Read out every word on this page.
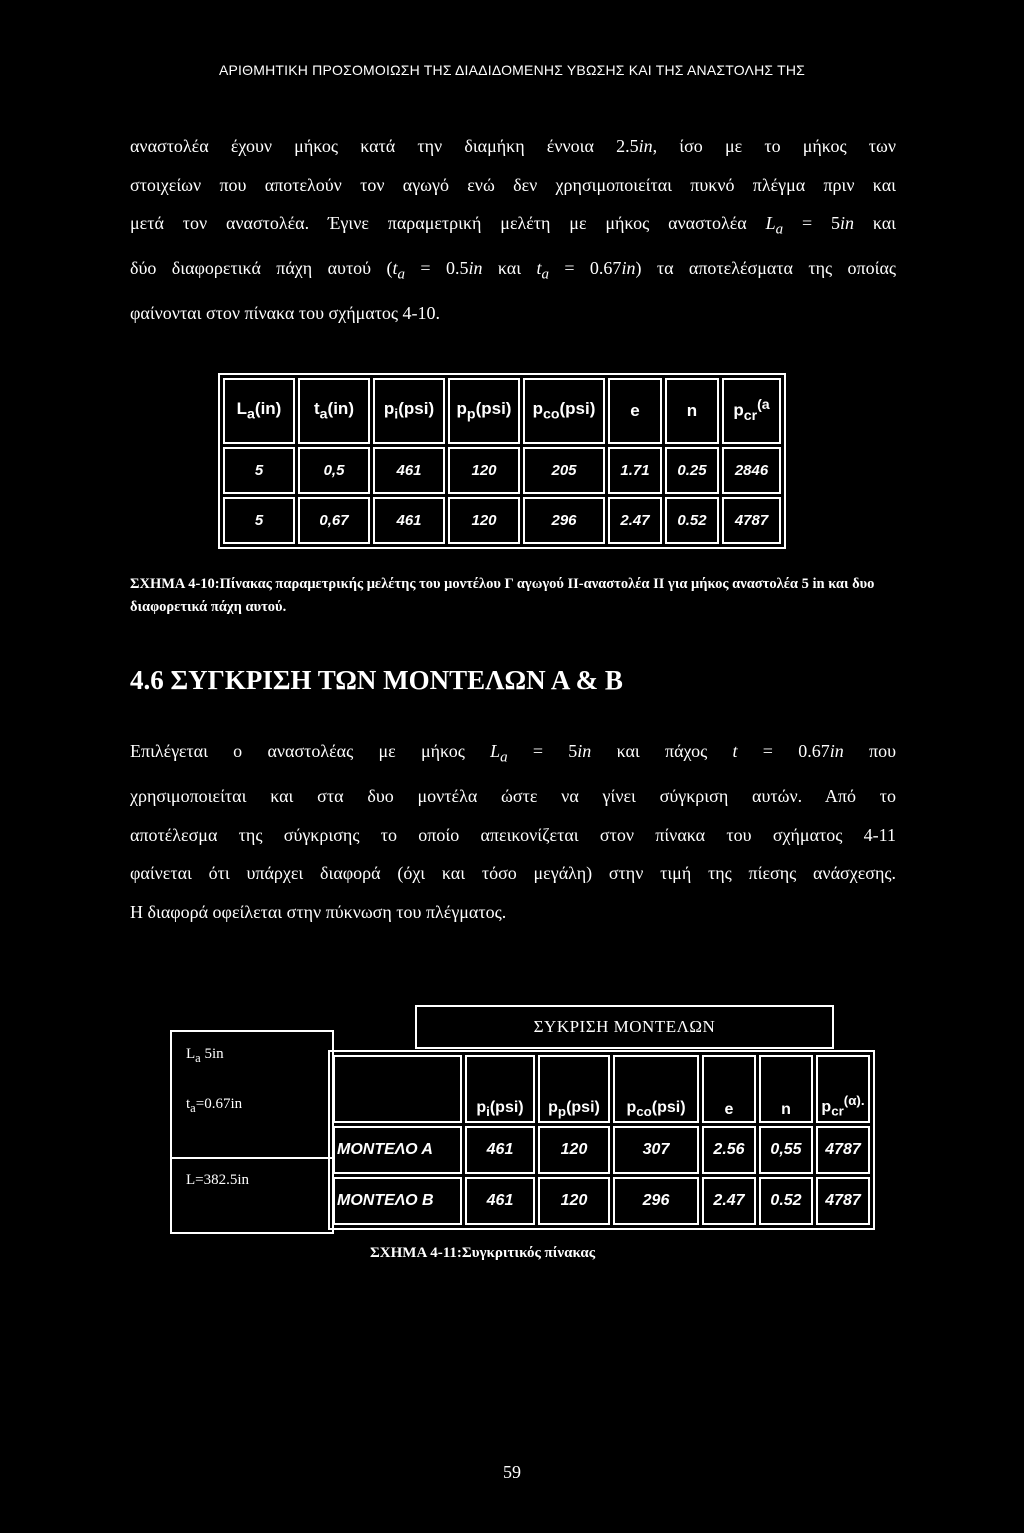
ΑΡΙΘΜΗΤΙΚΗ ΠΡΟΣΟΜΟΙΩΣΗ ΤΗΣ ΔΙΑΔΙΔΟΜΕΝΗΣ ΥΒΩΣΗΣ ΚΑΙ ΤΗΣ ΑΝΑΣΤΟΛΗΣ ΤΗΣ
αναστολέα έχουν μήκος κατά την διαμήκη έννοια 2.5in, ίσο με το μήκος των
στοιχείων που αποτελούν τον αγωγό ενώ δεν χρησιμοποιείται πυκνό πλέγμα πριν και
μετά τον αναστολέα. Έγινε παραμετρική μελέτη με μήκος αναστολέα $L_a = 5in$ και
δύο διαφορετικά πάχη αυτού ($t_a = 0.5in$ και $t_a = 0.67in$) τα αποτελέσματα της οποίας
φαίνονται στον πίνακα του σχήματος 4-10.
$L_a(in)$	$t_a(in)$	$p_i(psi)$	$p_p(psi)$	$p_{co}(psi)$	e	n	$p_{cr}^{(a}$
5	0,5	461	120	205	1.71	0.25	2846
5	0,67	461	120	296	2.47	0.52	4787
ΣΧΗΜΑ 4-10:Πίνακας παραμετρικής μελέτης του μοντέλου Γ αγωγού ΙΙ-αναστολέα ΙΙ για μήκος αναστολέα 5 in και δυο διαφορετικά πάχη αυτού.
4.6 ΣΥΓΚΡΙΣΗ ΤΩΝ ΜΟΝΤΕΛΩΝ Α & Β
Επιλέγεται ο αναστολέας με μήκος $L_a = 5in$ και πάχος t = 0.67in που
χρησιμοποιείται και στα δυο μοντέλα ώστε να γίνει σύγκριση αυτών. Από το
αποτέλεσμα της σύγκρισης το οποίο απεικονίζεται στον πίνακα του σχήματος 4-11
φαίνεται ότι υπάρχει διαφορά (όχι και τόσο μεγάλη) στην τιμή της πίεσης ανάσχεσης.
Η διαφορά οφείλεται στην πύκνωση του πλέγματος.
$L_a$ 5in
$t_a=0.67in$
L=382.5in
ΣΥΚΡΙΣΗ ΜΟΝΤΕΛΩΝ
	$p_i(psi)$	$p_p(psi)$	$p_{co}(psi)$	e	n	$p_{cr}^{(\alpha).}$
ΜΟΝΤΕΛΟ Α	461	120	307	2.56	0,55	4787
ΜΟΝΤΕΛΟ Β	461	120	296	2.47	0.52	4787
ΣΧΗΜΑ 4-11:Συγκριτικός πίνακας
59
